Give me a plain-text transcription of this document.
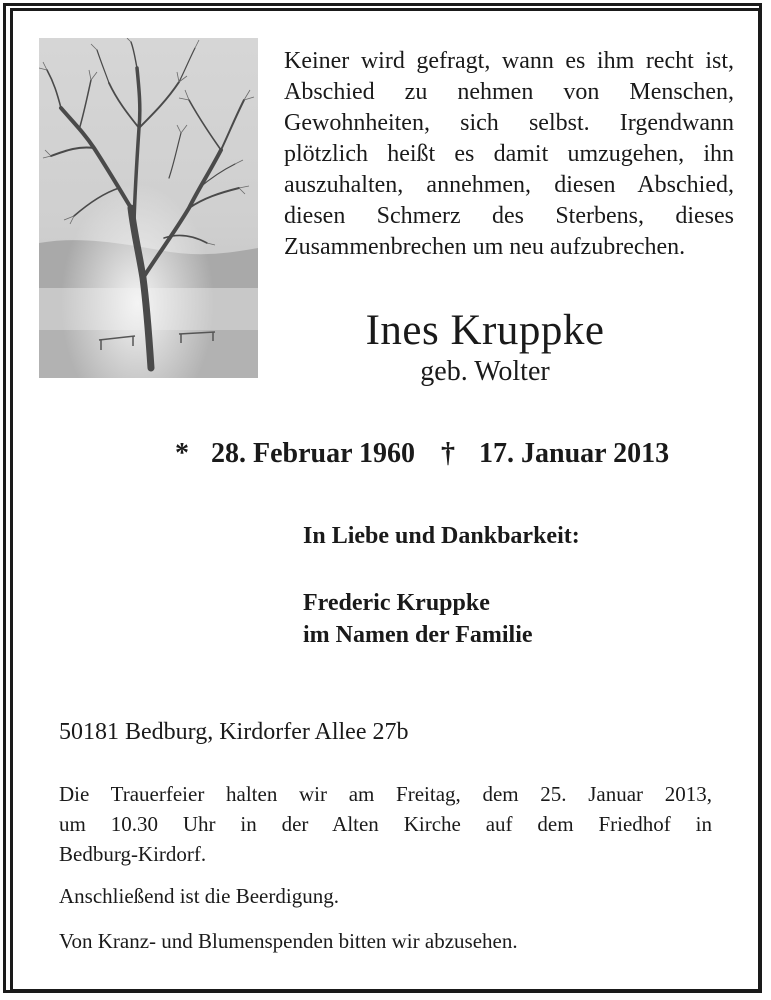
Keiner wird gefragt, wann es ihm recht ist,
Abschied zu nehmen von Menschen,
Gewohnheiten, sich selbst. Irgendwann
plötzlich heißt es damit umzugehen, ihn
auszuhalten, annehmen, diesen Abschied,
diesen Schmerz des Sterbens, dieses
Zusammenbrechen um neu aufzubrechen.
Ines Kruppke
geb. Wolter
* 28. Februar 1960 † 17. Januar 2013
In Liebe und Dankbarkeit:
Frederic Kruppke
im Namen der Familie
50181 Bedburg, Kirdorfer Allee 27b
Die Trauerfeier halten wir am Freitag, dem 25. Januar 2013,
um 10.30 Uhr in der Alten Kirche auf dem Friedhof in
Bedburg-Kirdorf.
Anschließend ist die Beerdigung.
Von Kranz- und Blumenspenden bitten wir abzusehen.
